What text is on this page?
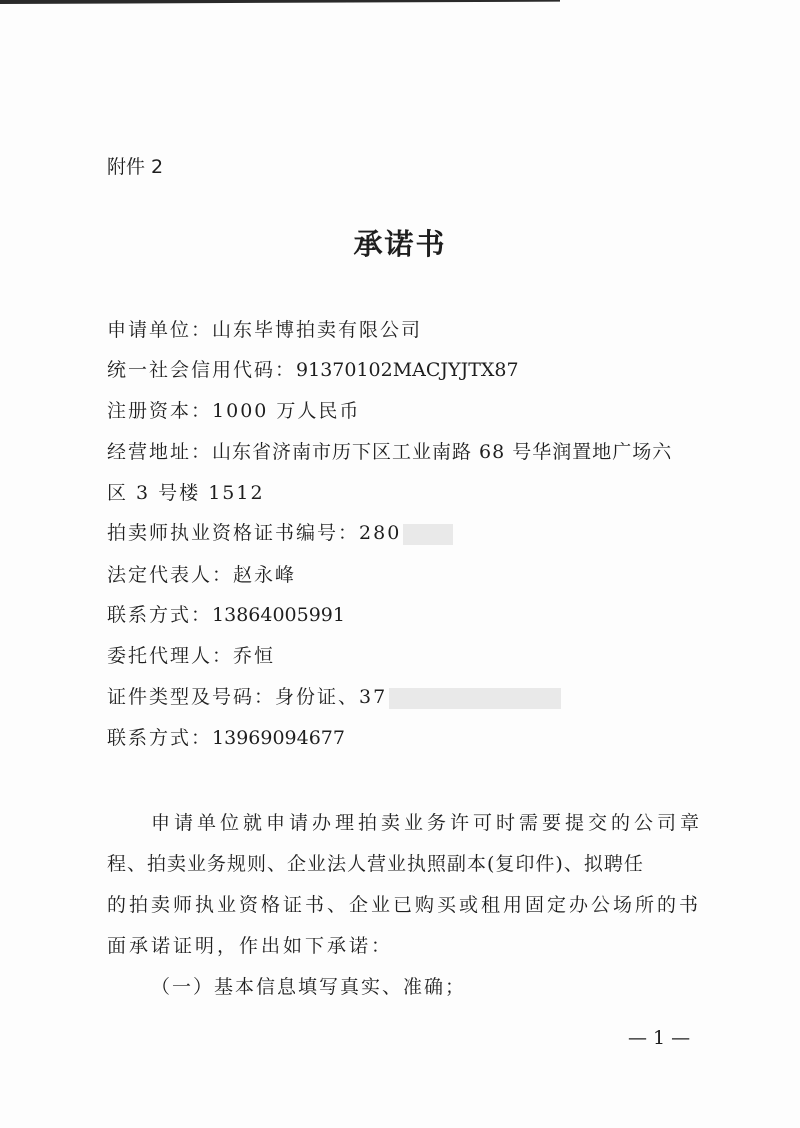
附件 2
承诺书
申请单位：山东毕博拍卖有限公司
统一社会信用代码：91370102MACJYJTX87
注册资本：1000 万人民币
经营地址：山东省济南市历下区工业南路 68 号华润置地广场六
区 3 号楼 1512
拍卖师执业资格证书编号：280
法定代表人：赵永峰
联系方式：13864005991
委托代理人：乔恒
证件类型及号码：身份证、37
联系方式：13969094677
申请单位就申请办理拍卖业务许可时需要提交的公司章
程、拍卖业务规则、企业法人营业执照副本(复印件)、拟聘任
的拍卖师执业资格证书、企业已购买或租用固定办公场所的书
面承诺证明，作出如下承诺：
（一）基本信息填写真实、准确；
— 1 —
